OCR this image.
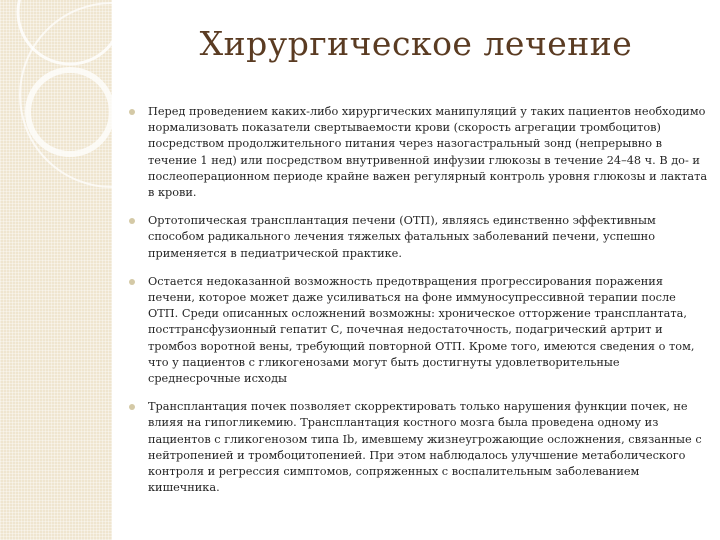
Хирургическое лечение
Перед проведением каких-либо хирургических манипуляций у таких пациентов необходимо нормализовать показатели свертываемости крови (скорость агрегации тромбоцитов) посредством продолжительного питания через назогастральный зонд (непрерывно в течение 1 нед) или посредством внутривенной инфузии глюкозы в течение 24–48 ч. В до- и послеоперационном периоде крайне важен регулярный контроль уровня глюкозы и лактата в крови.
Ортотопическая трансплантация печени (ОТП), являясь единственно эффективным способом радикального лечения тяжелых фатальных заболеваний печени, успешно применяется в педиатрической практике.
Остается недоказанной возможность предотвращения прогрессирования поражения печени, которое может даже усиливаться на фоне иммуносупрессивной терапии после ОТП. Среди описанных осложнений возможны: хроническое отторжение трансплантата, посттрансфузионный гепатит С, почечная недостаточность, подагрический артрит и тромбоз воротной вены, требующий повторной ОТП. Кроме того, имеются сведения о том, что у пациентов с гликогенозами могут быть достигнуты удовлетворительные среднесрочные исходы
Трансплантация почек позволяет скорректировать только нарушения функции почек, не влияя на гипогликемию. Трансплантация костного мозга была проведена одному из пациентов с гликогенозом типа Ib, имевшему жизнеугрожающие осложнения, связанные с нейтропенией и тромбоцитопенией. При этом наблюдалось улучшение метаболического контроля и регрессия симптомов, сопряженных с воспалительным заболеванием кишечника.
